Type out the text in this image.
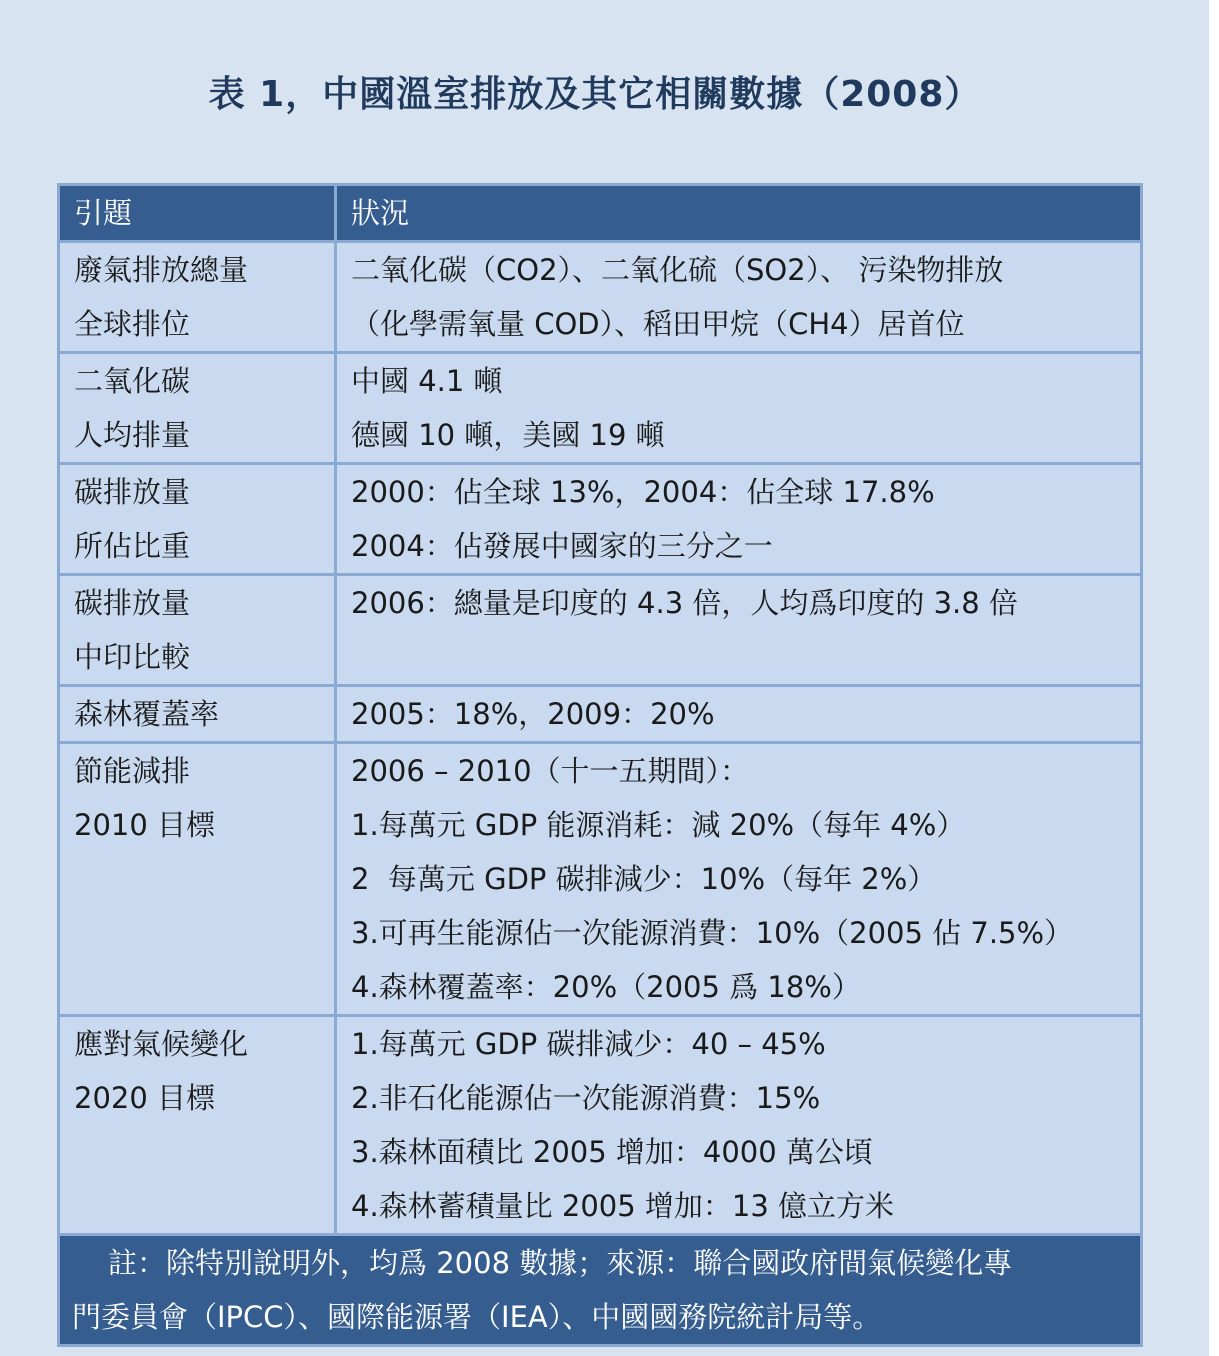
表 1，中國溫室排放及其它相關數據（2008）
引題	狀況

廢氣排放總量
全球排位	二氧化碳（CO2）、二氧化硫（SO2）、 污染物排放
（化學需氧量 COD）、稻田甲烷（CH4）居首位

二氧化碳
人均排量	中國 4.1 噸
德國 10 噸，美國 19 噸

碳排放量
所佔比重	2000：佔全球 13%，2004：佔全球 17.8%
2004：佔發展中國家的三分之一

碳排放量
中印比較	2006：總量是印度的 4.3 倍，人均爲印度的 3.8 倍

森林覆蓋率	2005：18%，2009：20%

節能減排
2010 目標	2006 – 2010（十一五期間）：
1.每萬元 GDP 能源消耗：減 20%（每年 4%）
2  每萬元 GDP 碳排減少：10%（每年 2%）
3.可再生能源佔一次能源消費：10%（2005 佔 7.5%）
4.森林覆蓋率：20%（2005 爲 18%）

應對氣候變化
2020 目標	1.每萬元 GDP 碳排減少：40 – 45%
2.非石化能源佔一次能源消費：15%
3.森林面積比 2005 增加：4000 萬公頃
4.森林蓄積量比 2005 增加：13 億立方米

註：除特別說明外，均爲 2008 數據；來源：聯合國政府間氣候變化專
門委員會（IPCC）、國際能源署（IEA）、中國國務院統計局等。	
